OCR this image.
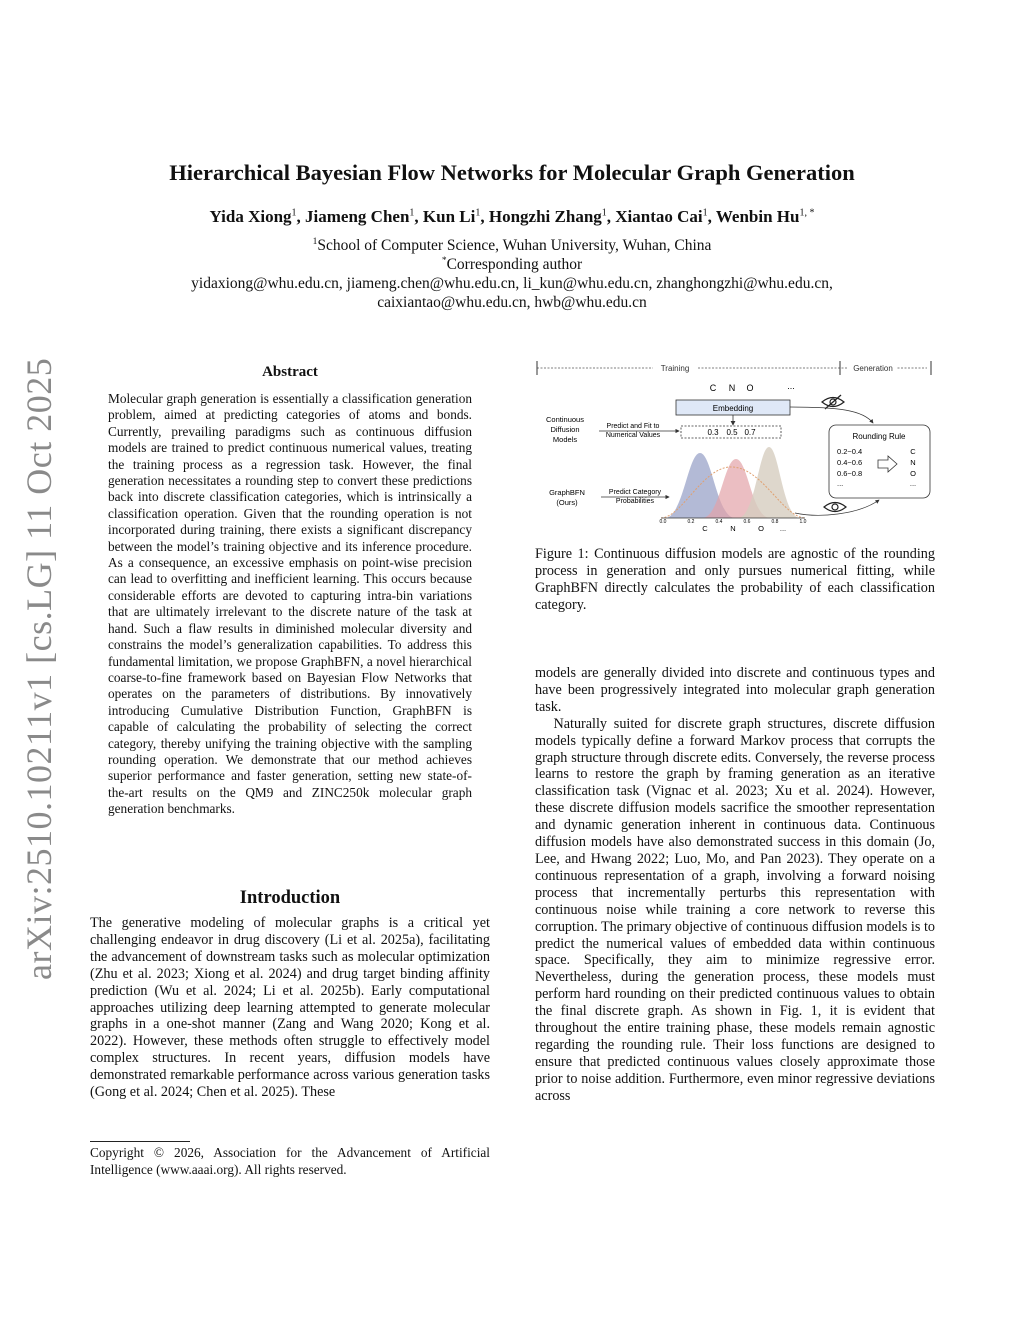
arXiv:2510.10211v1 [cs.LG] 11 Oct 2025
Hierarchical Bayesian Flow Networks for Molecular Graph Generation
Yida Xiong$^1$, Jiameng Chen$^1$, Kun Li$^1$, Hongzhi Zhang$^1$, Xiantao Cai$^1$, Wenbin $Hu^{1, *}$
$^1$School of Computer Science, Wuhan University, Wuhan, China
*Corresponding author
yidaxiong@whu.edu.cn, jiameng.chen@whu.edu.cn, li_kun@whu.edu.cn, zhanghongzhi@whu.edu.cn,
caixiantao@whu.edu.cn, hwb@whu.edu.cn
Abstract
Molecular graph generation is essentially a classification generation problem, aimed at predicting categories of atoms and bonds. Currently, prevailing paradigms such as continuous diffusion models are trained to predict continuous numerical values, treating the training process as a regression task. However, the final generation necessitates a rounding step to convert these predictions back into discrete classification categories, which is intrinsically a classification operation. Given that the rounding operation is not incorporated during training, there exists a significant discrepancy between the model’s training objective and its inference procedure. As a consequence, an excessive emphasis on point-wise precision can lead to overfitting and inefficient learning. This occurs because considerable efforts are devoted to capturing intra-bin variations that are ultimately irrelevant to the discrete nature of the task at hand. Such a flaw results in diminished molecular diversity and constrains the model’s generalization capabilities. To address this fundamental limitation, we propose GraphBFN, a novel hierarchical coarse-to-fine framework based on Bayesian Flow Networks that operates on the parameters of distributions. By innovatively introducing Cumulative Distribution Function, GraphBFN is capable of calculating the probability of selecting the correct category, thereby unifying the training objective with the sampling rounding operation. We demonstrate that our method achieves superior performance and faster generation, setting new state-of-the-art results on the QM9 and ZINC250k molecular graph generation benchmarks.
Introduction

The generative modeling of molecular graphs is a critical yet challenging endeavor in drug discovery (Li et al. 2025a), facilitating the advancement of downstream tasks such as molecular optimization (Zhu et al. 2023; Xiong et al. 2024) and drug target binding affinity prediction (Wu et al. 2024; Li et al. 2025b). Early computational approaches utilizing deep learning attempted to generate molecular graphs in a one-shot manner (Zang and Wang 2020; Kong et al. 2022). However, these methods often struggle to effectively model complex structures. In recent years, diffusion models have demonstrated remarkable performance across various generation tasks (Gong et al. 2024; Chen et al. 2025). These

Copyright © 2026, Association for the Advancement of Artificial Intelligence (www.aaai.org). All rights reserved.
Training	Generation
C N O	...
Embedding
0.3 0.5 0.7
Continuous
Diffusion
Models
Predict and Fit to
Numerical Values
0.0	0.2	0.4	0.6	0.8	1.0
C	N	O ...
GraphBFN
(Ours)
Predict Category
Probabilities
Rounding Rule
0.2~0.4
0.4~0.6
0.6~0.8
...
C
N
O
...
Figure 1: Continuous diffusion models are agnostic of the rounding process in generation and only pursues numerical fitting, while GraphBFN directly calculates the probability of each classification category.

models are generally divided into discrete and continuous types and have been progressively integrated into molecular graph generation task.

Naturally suited for discrete graph structures, discrete diffusion models typically define a forward Markov process that corrupts the graph structure through discrete edits. Conversely, the reverse process learns to restore the graph by framing generation as an iterative classification task (Vignac et al. 2023; Xu et al. 2024). However, these discrete diffusion models sacrifice the smoother representation and dynamic generation inherent in continuous data. Continuous diffusion models have also demonstrated success in this domain (Jo, Lee, and Hwang 2022; Luo, Mo, and Pan 2023). They operate on a continuous representation of a graph, involving a forward noising process that incrementally perturbs this representation with continuous noise while training a core network to reverse this corruption. The primary objective of continuous diffusion models is to predict the numerical values of embedded data within continuous space. Specifically, they aim to minimize regressive error. Nevertheless, during the generation process, these models must perform hard rounding on their predicted continuous values to obtain the final discrete graph. As shown in Fig. 1, it is evident that throughout the entire training phase, these models remain agnostic regarding the rounding rule. Their loss functions are designed to ensure that predicted continuous values closely approximate those prior to noise addition. Furthermore, even minor regressive deviations across
